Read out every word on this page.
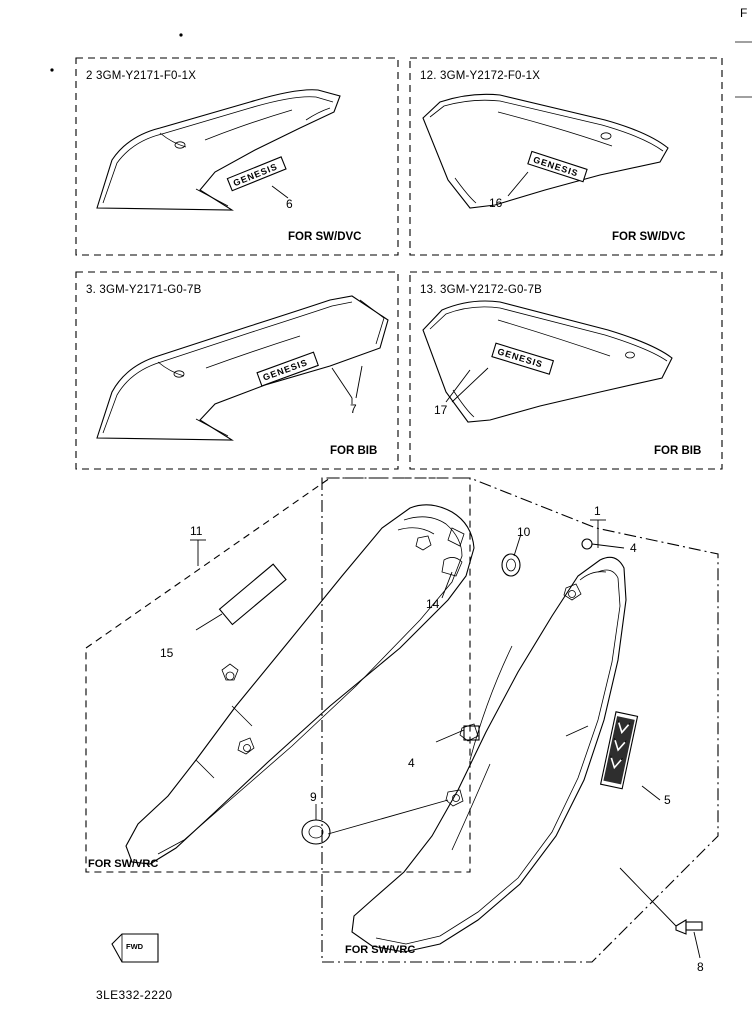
GENESIS	GENESIS
GENESIS	GENESIS
2 3GM-Y2171-F0-1X
FOR SW/DVC
6
12. 3GM-Y2172-F0-1X
FOR SW/DVC
16
3. 3GM-Y2171-G0-7B
FOR BIB
7
13. 3GM-Y2172-G0-7B
FOR BIB
17
11
1
15
14
10
4
4
5
9
8
FOR SW/VRC
FOR SW/VRC
FWD
3LE332-2220
F
